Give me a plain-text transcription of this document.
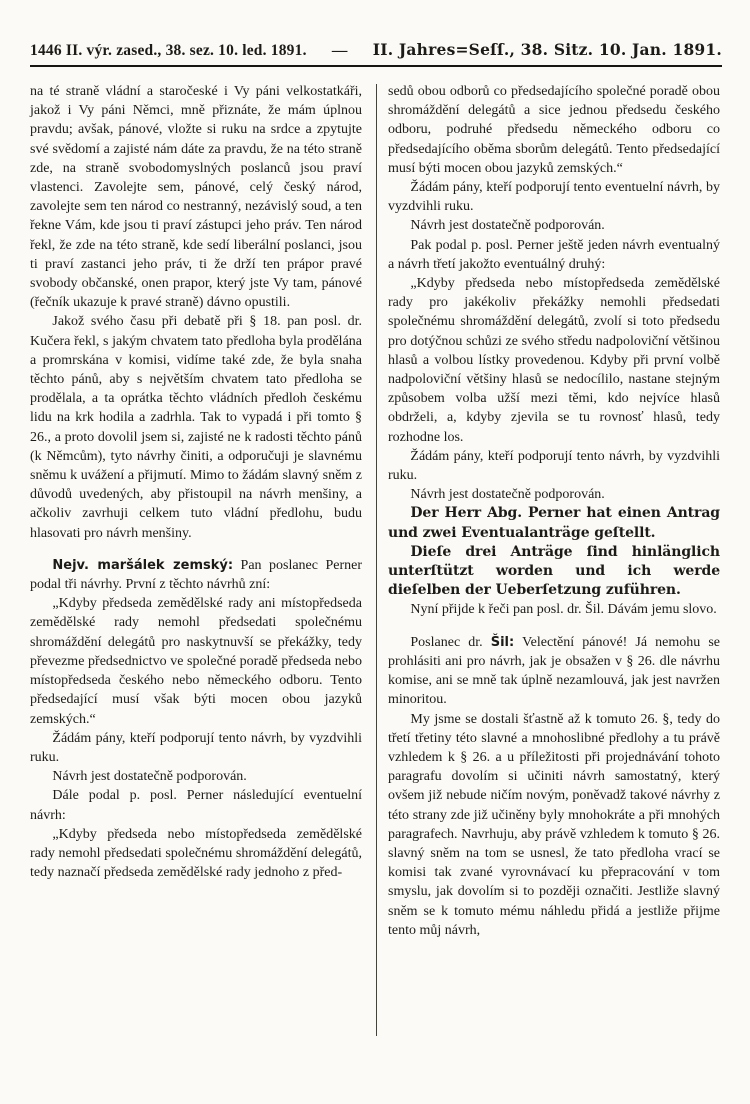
1446 II. výr. zased., 38. sez. 10. led. 1891. — II. Jahres=Seſſ., 38. Sitz. 10. Jan. 1891.

na té straně vládní a staročeské i Vy páni velkostatkáři, jakož i Vy páni Němci, mně přiznáte, že mám úplnou pravdu; avšak, pánové, vložte si ruku na srdce a zpytujte své svědomí a zajisté nám dáte za pravdu, že na této straně zde, na straně svobodomyslných poslanců jsou praví vlastenci. Zavolejte sem, pánové, celý český národ, zavolejte sem ten národ co nestranný, nezávislý soud, a ten řekne Vám, kde jsou ti praví zástupci jeho práv. Ten národ řekl, že zde na této straně, kde sedí liberální poslanci, jsou ti praví zastanci jeho práv, ti že drží ten prápor pravé svobody občanské, onen prapor, který jste Vy tam, pánové (řečník ukazuje k pravé straně) dávno opustili.

Jakož svého času při debatě při § 18. pan posl. dr. Kučera řekl, s jakým chvatem tato předloha byla prodělána a promrskána v komisi, vidíme také zde, že byla snaha těchto pánů, aby s největším chvatem tato předloha se prodělala, a ta oprátka těchto vládních předloh českému lidu na krk hodila a zadrhla. Tak to vypadá i při tomto § 26., a proto dovolil jsem si, zajisté ne k radosti těchto pánů (k Němcům), tyto návrhy činiti, a odporučuji je slavnému sněmu k uvážení a přijmutí. Mimo to žádám slavný sněm z důvodů uvedených, aby přistoupil na návrh menšiny, a ačkoliv zavrhuji celkem tuto vládní předlohu, budu hlasovati pro návrh menšiny.

Nejv. maršálek zemský: Pan poslanec Perner podal tři návrhy. První z těchto návrhů zní:

„Kdyby předseda zemědělské rady ani místopředseda zemědělské rady nemohl předsedati společnému shromáždění delegátů pro naskytnuvší se překážky, tedy převezme předsednictvo ve společné poradě předseda nebo místopředseda českého nebo německého odboru. Tento předsedající musí však býti mocen obou jazyků zemských.“

Žádám pány, kteří podporují tento návrh, by vyzdvihli ruku.

Návrh jest dostatečně podporován.

Dále podal p. posl. Perner následující eventuelní návrh:

„Kdyby předseda nebo místopředseda zemědělské rady nemohl předsedati společnému shromáždění delegátů, tedy naznačí předseda zemědělské rady jednoho z před-

sedů obou odborů co předsedajícího společné poradě obou shromáždění delegátů a sice jednou předsedu českého odboru, podruhé předsedu německého odboru co předsedajícího oběma sborům delegátů. Tento předsedající musí býti mocen obou jazyků zemských.“

Žádám pány, kteří podporují tento eventuelní návrh, by vyzdvihli ruku.

Návrh jest dostatečně podporován.

Pak podal p. posl. Perner ještě jeden návrh eventualný a návrh třetí jakožto eventuálný druhý:

„Kdyby předseda nebo místopředseda zemědělské rady pro jakékoliv překážky nemohli předsedati společnému shromáždění delegátů, zvolí si toto předsedu pro dotýčnou schůzi ze svého středu nadpoloviční většinou hlasů a volbou lístky provedenou. Kdyby při první volbě nadpoloviční většiny hlasů se nedocílilo, nastane stejným způsobem volba užší mezi těmi, kdo nejvíce hlasů obdrželi, a, kdyby zjevila se tu rovnosť hlasů, tedy rozhodne los.

Žádám pány, kteří podporují tento návrh, by vyzdvihli ruku.

Návrh jest dostatečně podporován.

Der Herr Abg. Perner hat einen Antrag und zwei Eventualanträge geſtellt.

Dieſe drei Anträge ſind hinlänglich unterſtützt worden und ich werde dieſelben der Ueberſetzung zuführen.

Nyní přijde k řeči pan posl. dr. Šil. Dávám jemu slovo.

Poslanec dr. Šil: Velectění pánové! Já nemohu se prohlásiti ani pro návrh, jak je obsažen v § 26. dle návrhu komise, ani se mně tak úplně nezamlouvá, jak jest navržen minoritou.

My jsme se dostali šťastně až k tomuto 26. §, tedy do třetí třetiny této slavné a mnohoslibné předlohy a tu právě vzhledem k § 26. a u příležitosti při projednávání tohoto paragrafu dovolím si učiniti návrh samostatný, který ovšem již nebude ničím novým, poněvadž takové návrhy z této strany zde již učiněny byly mnohokráte a při mnohých paragrafech. Navrhuju, aby právě vzhledem k tomuto § 26. slavný sněm na tom se usnesl, že tato předloha vrací se komisi tak zvané vyrovnávací ku přepracování v tom smyslu, jak dovolím si to později označiti. Jestliže slavný sněm se k tomuto mému náhledu přidá a jestliže přijme tento můj návrh,
